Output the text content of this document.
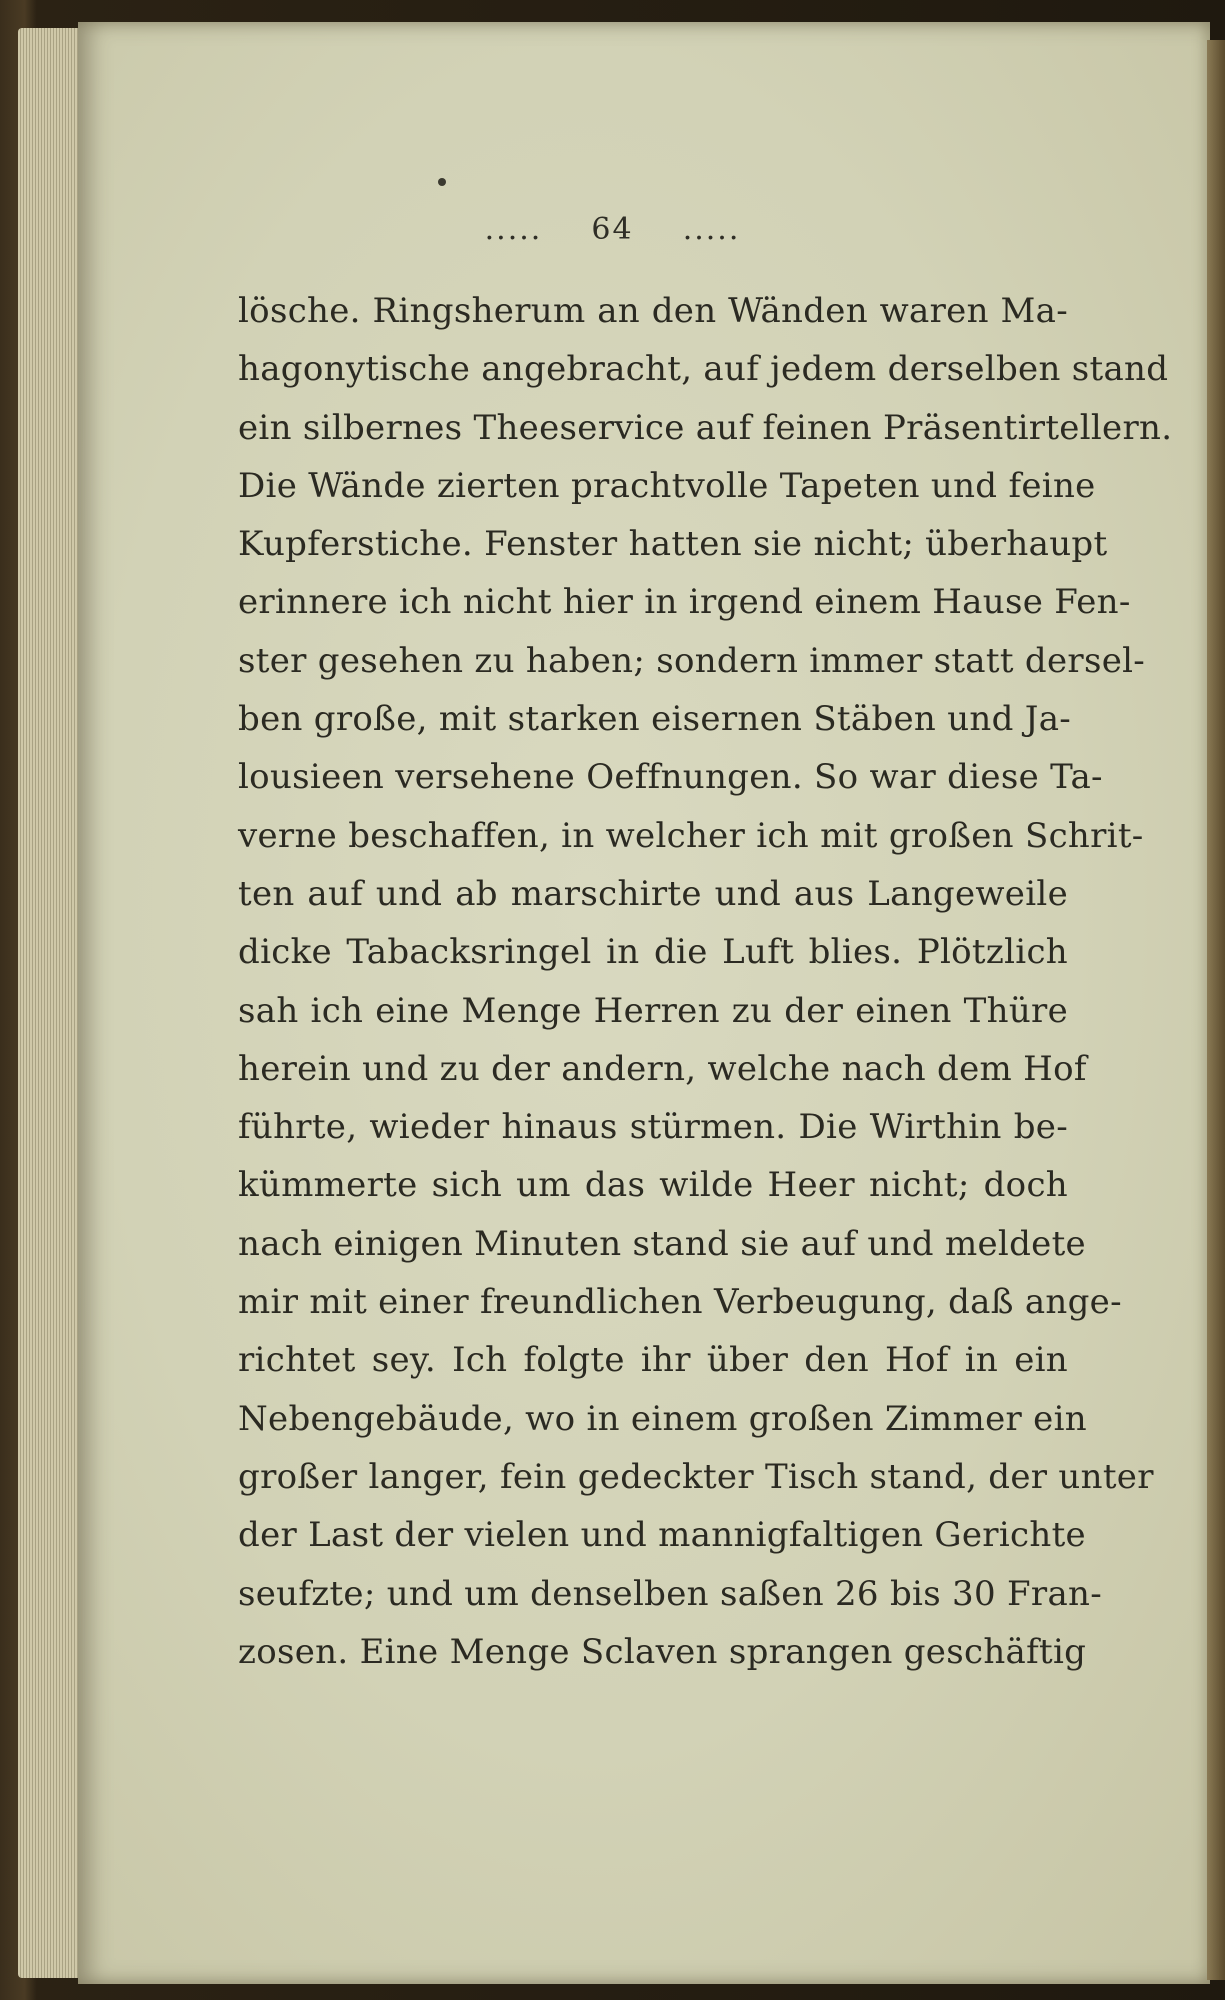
..... 64 .....
lösche. Ringsherum an den Wänden waren Ma-
hagonytische angebracht, auf jedem derselben stand
ein silbernes Theeservice auf feinen Präsentirtellern.
Die Wände zierten prachtvolle Tapeten und feine
Kupferstiche. Fenster hatten sie nicht; überhaupt
erinnere ich nicht hier in irgend einem Hause Fen-
ster gesehen zu haben; sondern immer statt dersel-
ben große, mit starken eisernen Stäben und Ja-
lousieen versehene Oeffnungen. So war diese Ta-
verne beschaffen, in welcher ich mit großen Schrit-
ten auf und ab marschirte und aus Langeweile
dicke Tabacksringel in die Luft blies. Plötzlich
sah ich eine Menge Herren zu der einen Thüre
herein und zu der andern, welche nach dem Hof
führte, wieder hinaus stürmen. Die Wirthin be-
kümmerte sich um das wilde Heer nicht; doch
nach einigen Minuten stand sie auf und meldete
mir mit einer freundlichen Verbeugung, daß ange-
richtet sey. Ich folgte ihr über den Hof in ein
Nebengebäude, wo in einem großen Zimmer ein
großer langer, fein gedeckter Tisch stand, der unter
der Last der vielen und mannigfaltigen Gerichte
seufzte; und um denselben saßen 26 bis 30 Fran-
zosen. Eine Menge Sclaven sprangen geschäftig
